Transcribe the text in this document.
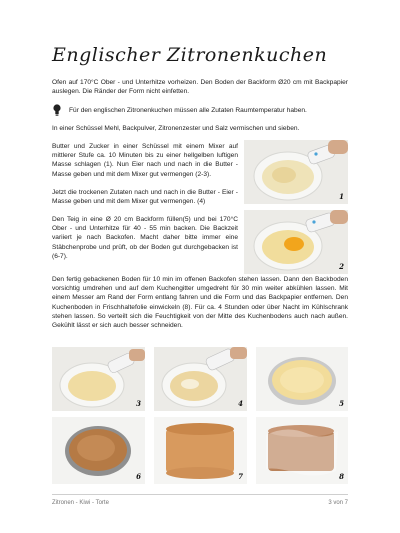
Englischer Zitronenkuchen

Ofen auf 170°C Ober - und Unterhitze vorheizen. Den Boden der Backform Ø20 cm mit Backpapier auslegen. Die Ränder der Form nicht einfetten.

Für den englischen Zitronenkuchen müssen alle Zutaten Raumtemperatur haben.

In einer Schüssel Mehl, Backpulver, Zitronenzester und Salz vermischen und sieben.

Butter und Zucker in einer Schüssel mit einem Mixer auf mittlerer Stufe ca. 10 Minuten bis zu einer hellgelben luftigen Masse schlagen (1). Nun Eier nach und nach in die Butter - Masse geben und mit dem Mixer gut vermengen (2-3).

Jetzt die trockenen Zutaten nach und nach in die Butter - Eier - Masse geben und mit dem Mixer gut vermengen. (4)

Den Teig in eine Ø 20 cm Backform füllen(5) und bei 170°C Ober - und Unterhitze für 40 - 55 min backen. Die Backzeit variiert je nach Backofen. Macht daher bitte immer eine Stäbchenprobe und prüft, ob der Boden gut durchgebacken ist (6-7).

Den fertig gebackenen Boden für 10 min im offenen Backofen stehen lassen. Dann den Backboden vorsichtig umdrehen und auf dem Kuchengitter umgedreht für 30 min weiter abkühlen lassen. Mit einem Messer am Rand der Form entlang fahren und die Form und das Backpapier entfernen. Den Kuchenboden in Frischhaltefolie einwickeln (8). Für ca. 4 Stunden oder über Nacht im Kühlschrank stehen lassen. So verteilt sich die Feuchtigkeit von der Mitte des Kuchenbodens auch nach außen. Gekühlt lässt er sich auch besser schneiden.

1
2
3	4	5
6	7	8
Zitronen - Kiwi - Torte	3 von 7
